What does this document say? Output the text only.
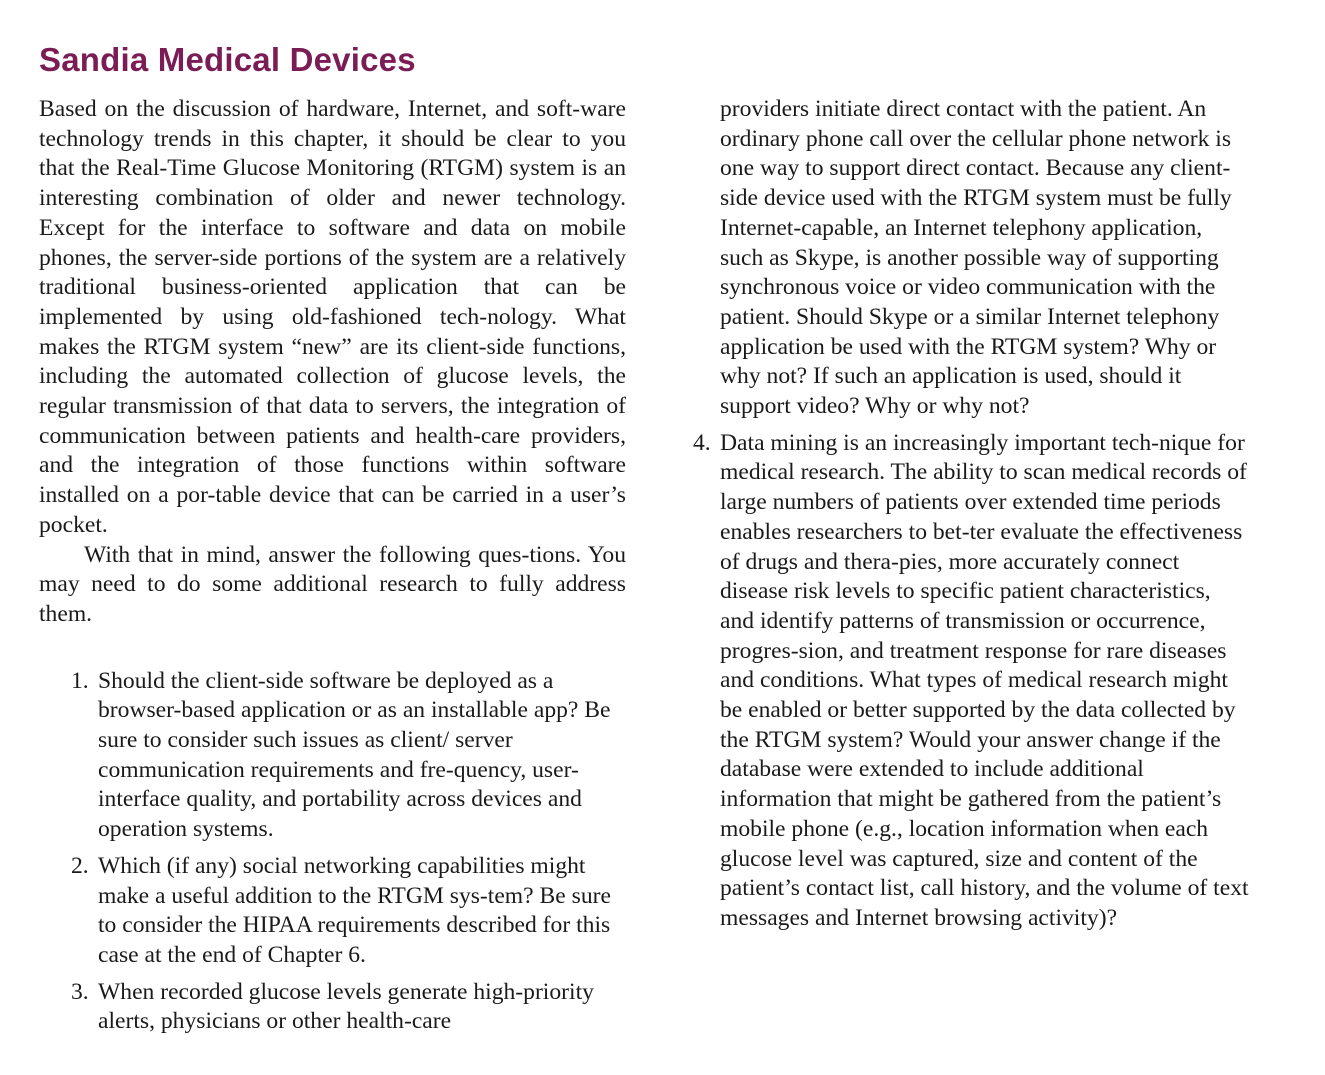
Sandia Medical Devices

Based on the discussion of hardware, Internet, and soft-ware technology trends in this chapter, it should be clear to you that the Real-Time Glucose Monitoring (RTGM) system is an interesting combination of older and newer technology. Except for the interface to software and data on mobile phones, the server-side portions of the system are a relatively traditional business-oriented application that can be implemented by using old-fashioned tech-nology. What makes the RTGM system “new” are its client-side functions, including the automated collection of glucose levels, the regular transmission of that data to servers, the integration of communication between patients and health-care providers, and the integration of those functions within software installed on a por-table device that can be carried in a user’s pocket.

With that in mind, answer the following ques-tions. You may need to do some additional research to fully address them.

1. Should the client-side software be deployed as a browser-based application or as an installable app? Be sure to consider such issues as client/ server communication requirements and fre-quency, user-interface quality, and portability across devices and operation systems.
2. Which (if any) social networking capabilities might make a useful addition to the RTGM sys-tem? Be sure to consider the HIPAA requirements described for this case at the end of Chapter 6.
3. When recorded glucose levels generate high-priority alerts, physicians or other health-care

providers initiate direct contact with the patient. An ordinary phone call over the cellular phone network is one way to support direct contact. Because any client-side device used with the RTGM system must be fully Internet-capable, an Internet telephony application, such as Skype, is another possible way of supporting synchronous voice or video communication with the patient. Should Skype or a similar Internet telephony application be used with the RTGM system? Why or why not? If such an application is used, should it support video? Why or why not?

4. Data mining is an increasingly important tech-nique for medical research. The ability to scan medical records of large numbers of patients over extended time periods enables researchers to bet-ter evaluate the effectiveness of drugs and thera-pies, more accurately connect disease risk levels to specific patient characteristics, and identify patterns of transmission or occurrence, progres-sion, and treatment response for rare diseases and conditions. What types of medical research might be enabled or better supported by the data collected by the RTGM system? Would your answer change if the database were extended to include additional information that might be gathered from the patient’s mobile phone (e.g., location information when each glucose level was captured, size and content of the patient’s contact list, call history, and the volume of text messages and Internet browsing activity)?
